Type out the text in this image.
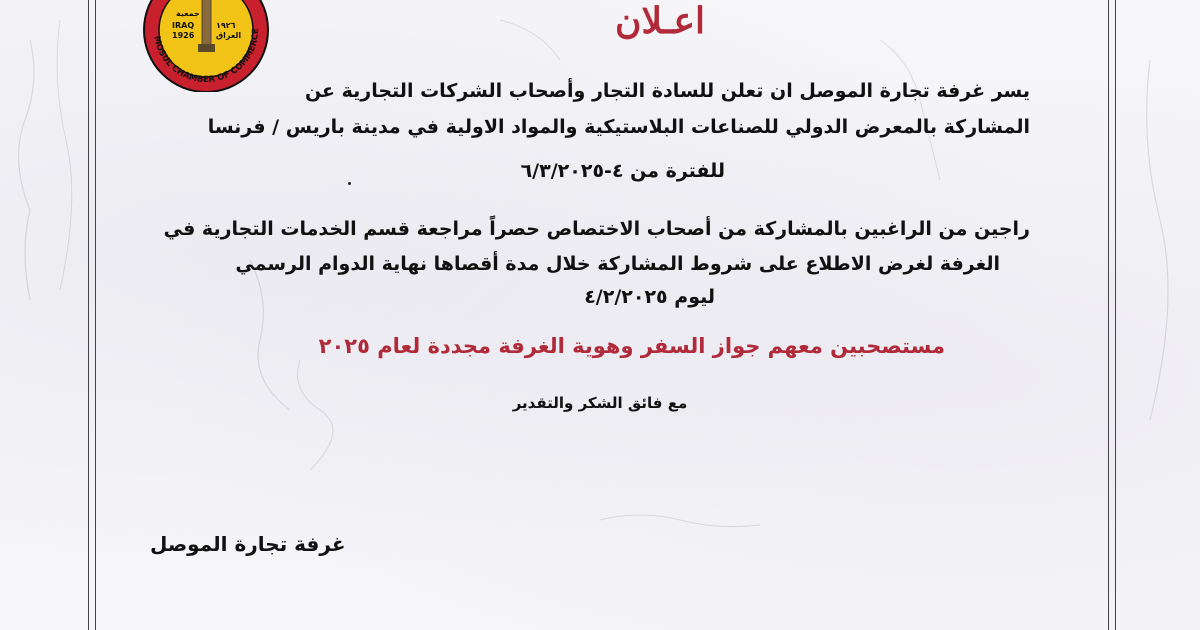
جمعية
IRAQ
1926
١٩٢٦
العراق
MOSUL CHAMBER OF COMMERCE	اعـلان
يسر غرفة تجارة الموصل ان تعلن للسادة التجار وأصحاب الشركات التجارية عن
المشاركة بالمعرض الدولي للصناعات البلاستيكية والمواد الاولية في مدينة باريس / فرنسا
للفترة من ٤-٦/٣/٢٠٢٥
راجين من الراغبين بالمشاركة من أصحاب الاختصاص حصراً مراجعة قسم الخدمات التجارية في
الغرفة لغرض الاطلاع على شروط المشاركة خلال مدة أقصاها نهاية الدوام الرسمي
ليوم ٤/٢/٢٠٢٥
مستصحبين معهم جواز السفر وهوية الغرفة مجددة لعام ٢٠٢٥
مع فائق الشكر والتقدير
غرفة تجارة الموصل
